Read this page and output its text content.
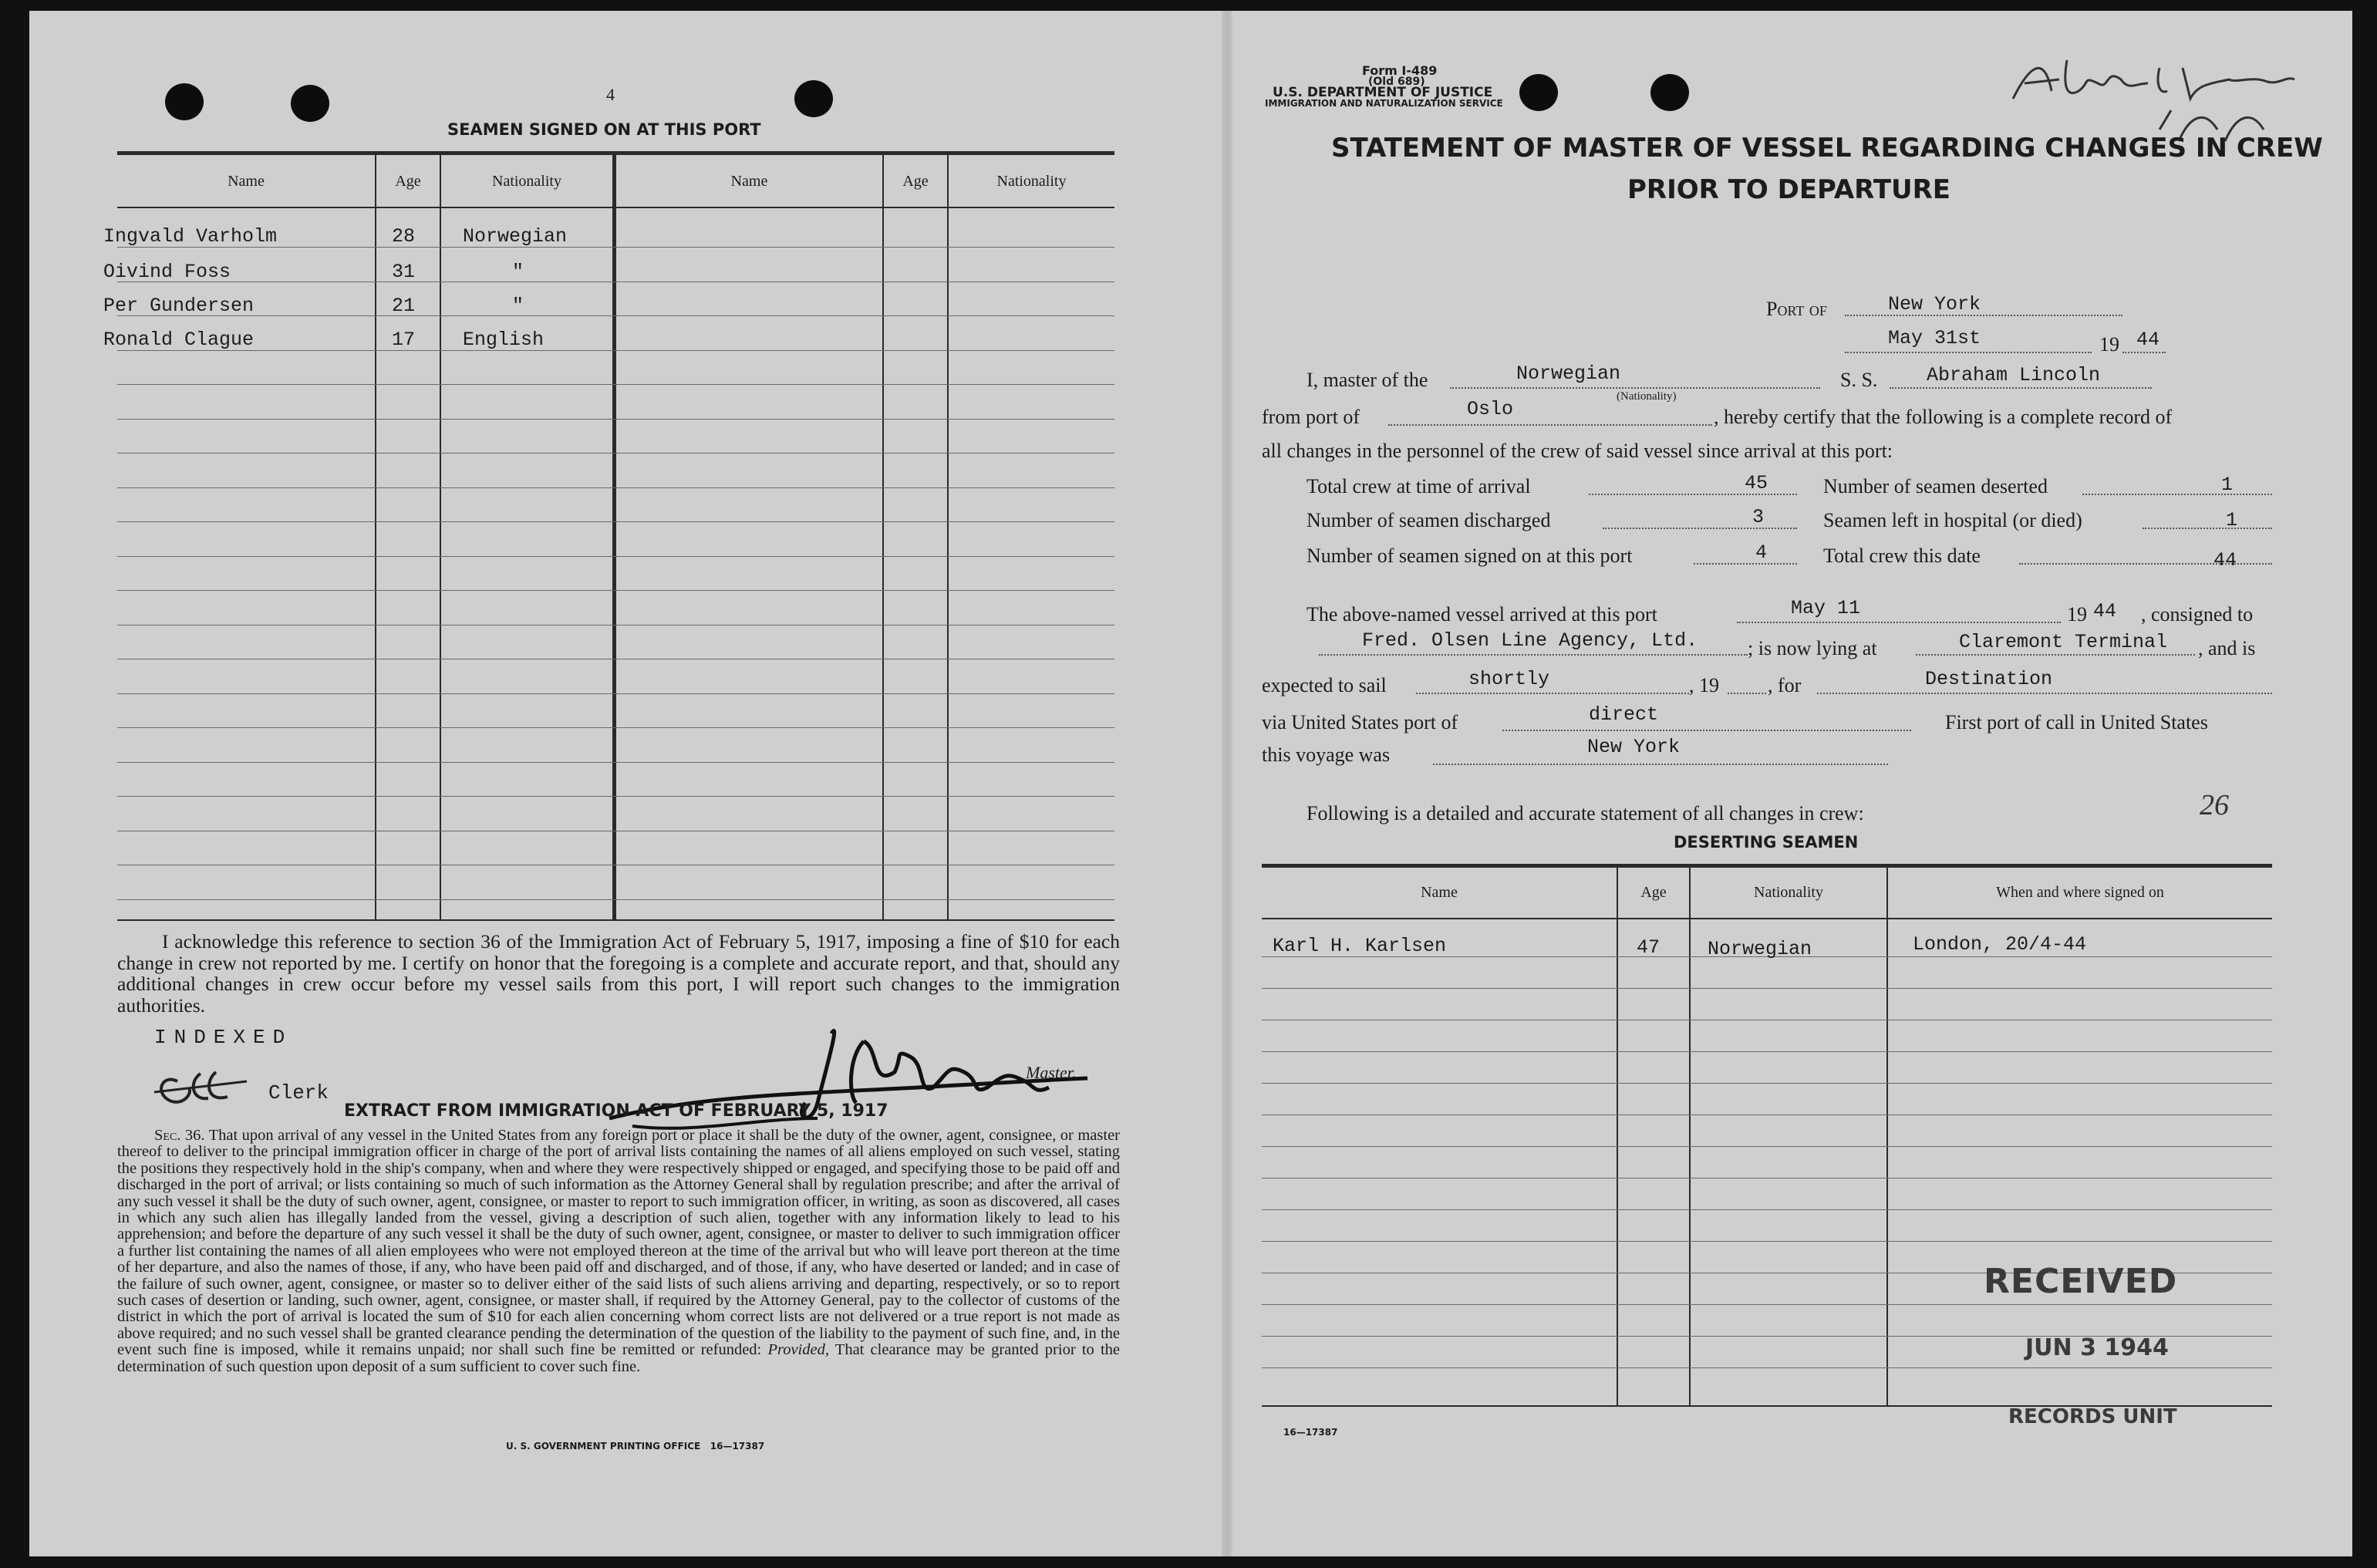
4
SEAMEN SIGNED ON AT THIS PORT
Name	Age	Nationality	Name	Age	Nationality
Ingvald Varholm	28 Norwegian
Oivind Foss	31	"
Per Gundersen	21	"
Ronald Clague	17 English
I acknowledge this reference to section 36 of the Immigration Act of February 5, 1917, imposing a fine of $10 for each change in crew not reported by me. I certify on honor that the foregoing is a complete and accurate report, and that, should any additional changes in crew occur before my vessel sails from this port, I will report such changes to the immigration authorities.
INDEXED
Clerk
Master.
EXTRACT FROM IMMIGRATION ACT OF FEBRUARY 5, 1917
Sec. 36. That upon arrival of any vessel in the United States from any foreign port or place it shall be the duty of the owner, agent, consignee, or master thereof to deliver to the principal immigration officer in charge of the port of arrival lists containing the names of all aliens employed on such vessel, stating the positions they respectively hold in the ship's company, when and where they were respectively shipped or engaged, and specifying those to be paid off and discharged in the port of arrival; or lists containing so much of such information as the Attorney General shall by regulation prescribe; and after the arrival of any such vessel it shall be the duty of such owner, agent, consignee, or master to report to such immigration officer, in writing, as soon as discovered, all cases in which any such alien has illegally landed from the vessel, giving a description of such alien, together with any information likely to lead to his apprehension; and before the departure of any such vessel it shall be the duty of such owner, agent, consignee, or master to deliver to such immigration officer a further list containing the names of all alien employees who were not employed thereon at the time of the arrival but who will leave port thereon at the time of her departure, and also the names of those, if any, who have been paid off and discharged, and of those, if any, who have deserted or landed; and in case of the failure of such owner, agent, consignee, or master so to deliver either of the said lists of such aliens arriving and departing, respectively, or so to report such cases of desertion or landing, such owner, agent, consignee, or master shall, if required by the Attorney General, pay to the collector of customs of the district in which the port of arrival is located the sum of $10 for each alien concerning whom correct lists are not delivered or a true report is not made as above required; and no such vessel shall be granted clearance pending the determination of the question of the liability to the payment of such fine, and, in the event such fine is imposed, while it remains unpaid; nor shall such fine be remitted or refunded: Provided, That clearance may be granted prior to the determination of such question upon deposit of a sum sufficient to cover such fine.
U. S. GOVERNMENT PRINTING OFFICE   16—17387
Form I-489
(Old 689)
U.S. DEPARTMENT OF JUSTICE
IMMIGRATION AND NATURALIZATION SERVICE
STATEMENT OF MASTER OF VESSEL REGARDING CHANGES IN CREW
PRIOR TO DEPARTURE
Port of	New York
May 31st	19 44
I, master of the	Norwegian
(Nationality)
S. S.	Abraham Lincoln
from port of	Oslo	, hereby certify that the following is a complete record of
all changes in the personnel of the crew of said vessel since arrival at this port:
Total crew at time of arrival	45	Number of seamen deserted	1
Number of seamen discharged	3	Seamen left in hospital (or died)	1
Number of seamen signed on at this port	4	Total crew this date	44
The above-named vessel arrived at this port	May 11	19 44 , consigned to
Fred. Olsen Line Agency, Ltd. ; is now lying at	Claremont Terminal , and is
expected to sail	shortly	, 19 , for	Destination
via United States port of	direct	First port of call in United States
this voyage was	New York
Following is a detailed and accurate statement of all changes in crew:	26
DESERTING SEAMEN
Name	Age	Nationality	When and where signed on
Karl H. Karlsen	47 Norwegian	London, 20/4-44
RECEIVED
JUN 3 1944
RECORDS UNIT
16—17387
